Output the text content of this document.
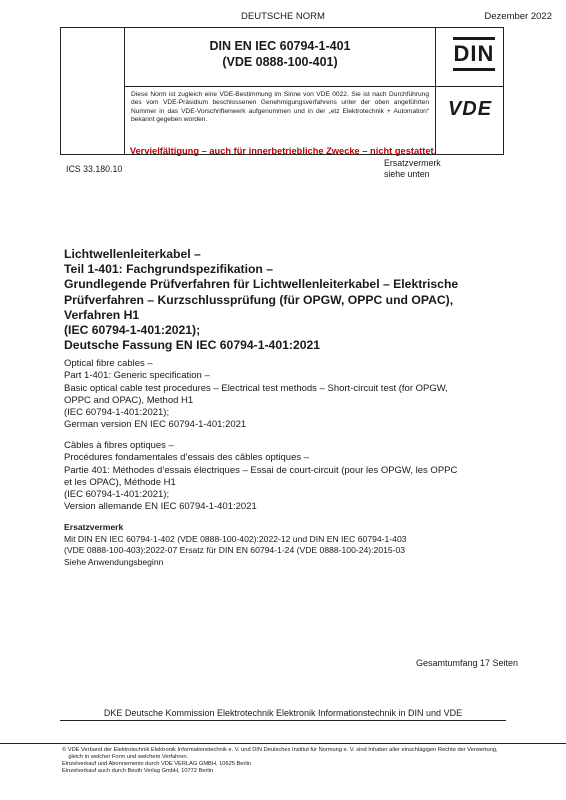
DEUTSCHE NORM	Dezember 2022
DIN EN IEC 60794-1-401
(VDE 0888-100-401)	DIN
Diese Norm ist zugleich eine VDE-Bestimmung im Sinne von VDE 0022. Sie ist nach Durchführung des vom VDE-Präsidium beschlossenen Genehmigungsverfahrens unter der oben angeführten Nummer in das VDE-Vorschriftenwerk aufgenommen und in der „etz Elektrotechnik + Automation“ bekannt gegeben worden.	VDE
Vervielfältigung – auch für innerbetriebliche Zwecke – nicht gestattet.
Ersatzvermerk
siehe unten
ICS 33.180.10
Lichtwellenleiterkabel –
Teil 1-401: Fachgrundspezifikation –
Grundlegende Prüfverfahren für Lichtwellenleiterkabel – Elektrische
Prüfverfahren – Kurzschlussprüfung (für OPGW, OPPC und OPAC),
Verfahren H1
(IEC 60794-1-401:2021);
Deutsche Fassung EN IEC 60794-1-401:2021
Optical fibre cables –
Part 1-401: Generic specification –
Basic optical cable test procedures – Electrical test methods – Short-circuit test (for OPGW,
OPPC and OPAC), Method H1
(IEC 60794-1-401:2021);
German version EN IEC 60794-1-401:2021
Câbles à fibres optiques –
Procédures fondamentales d’essais des câbles optiques –
Partie 401: Méthodes d’essais électriques – Essai de court-circuit (pour les OPGW, les OPPC
et les OPAC), Méthode H1
(IEC 60794-1-401:2021);
Version allemande EN IEC 60794-1-401:2021
Ersatzvermerk
Mit DIN EN IEC 60794-1-402 (VDE 0888-100-402):2022-12 und DIN EN IEC 60794-1-403
(VDE 0888-100-403):2022-07 Ersatz für DIN EN 60794-1-24 (VDE 0888-100-24):2015-03
Siehe Anwendungsbeginn
Gesamtumfang 17 Seiten
DKE Deutsche Kommission Elektrotechnik Elektronik Informationstechnik in DIN und VDE
© VDE Verband der Elektrotechnik Elektronik Informationstechnik e. V. und DIN Deutsches Institut für Normung e. V. sind Inhaber aller einschlägigen Rechte der Verwertung,
gleich in welcher Form und welchem Verfahren.
Einzelverkauf und Abonnements durch VDE VERLAG GMBH, 10625 Berlin
Einzelverkauf auch durch Beuth Verlag GmbH, 10772 Berlin
